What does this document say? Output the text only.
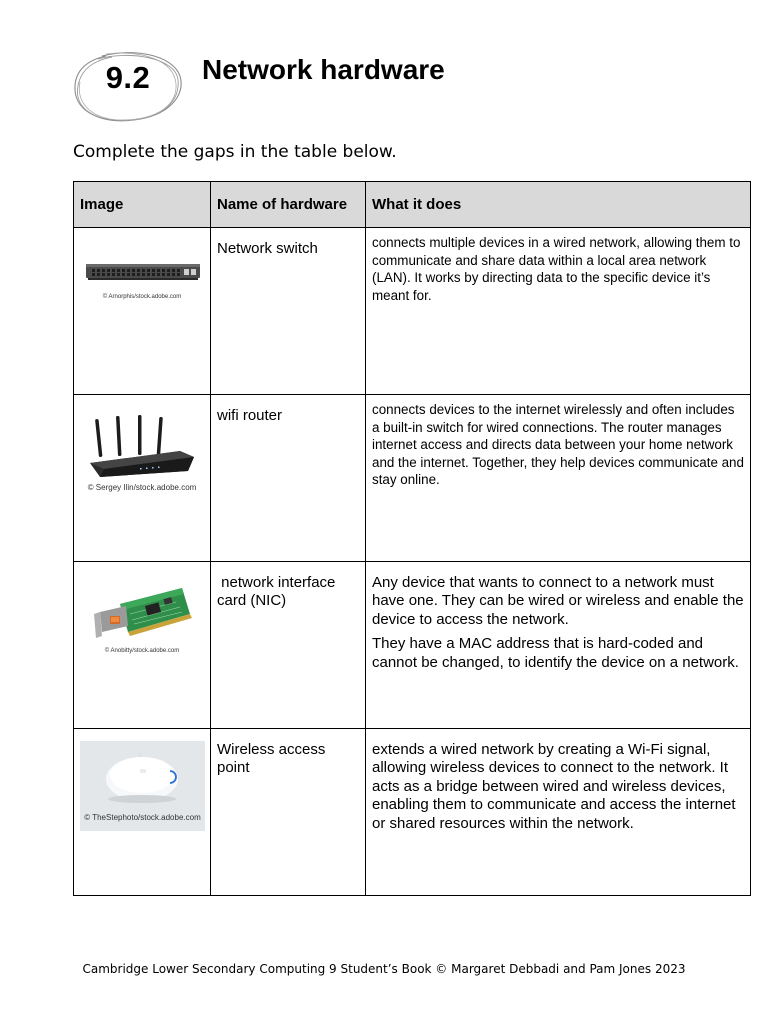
9.2	Network hardware

Complete the gaps in the table below.

Image	Name of hardware	What it does

© Arnorphis/stock.adobe.com	Network switch	connects multiple devices in a wired network, allowing them to communicate and share data within a local area network (LAN). It works by directing data to the specific device it’s meant for.

© Sergey Ilin/stock.adobe.com	wifi router	connects devices to the internet wirelessly and often includes a built-in switch for wired connections. The router manages internet access and directs data between your home network and the internet. Together, they help devices communicate and stay online.

© Anobitty/stock.adobe.com	network interface card (NIC)	Any device that wants to connect to a network must have one. They can be wired or wireless and enable the device to access the network.

They have a MAC address that is hard-coded and cannot be changed, to identify the device on a network.

© TheStephoto/stock.adobe.com	Wireless access point	extends a wired network by creating a Wi-Fi signal, allowing wireless devices to connect to the network. It acts as a bridge between wired and wireless devices, enabling them to communicate and access the internet or shared resources within the network.
Cambridge Lower Secondary Computing 9 Student’s Book © Margaret Debbadi and Pam Jones 2023
